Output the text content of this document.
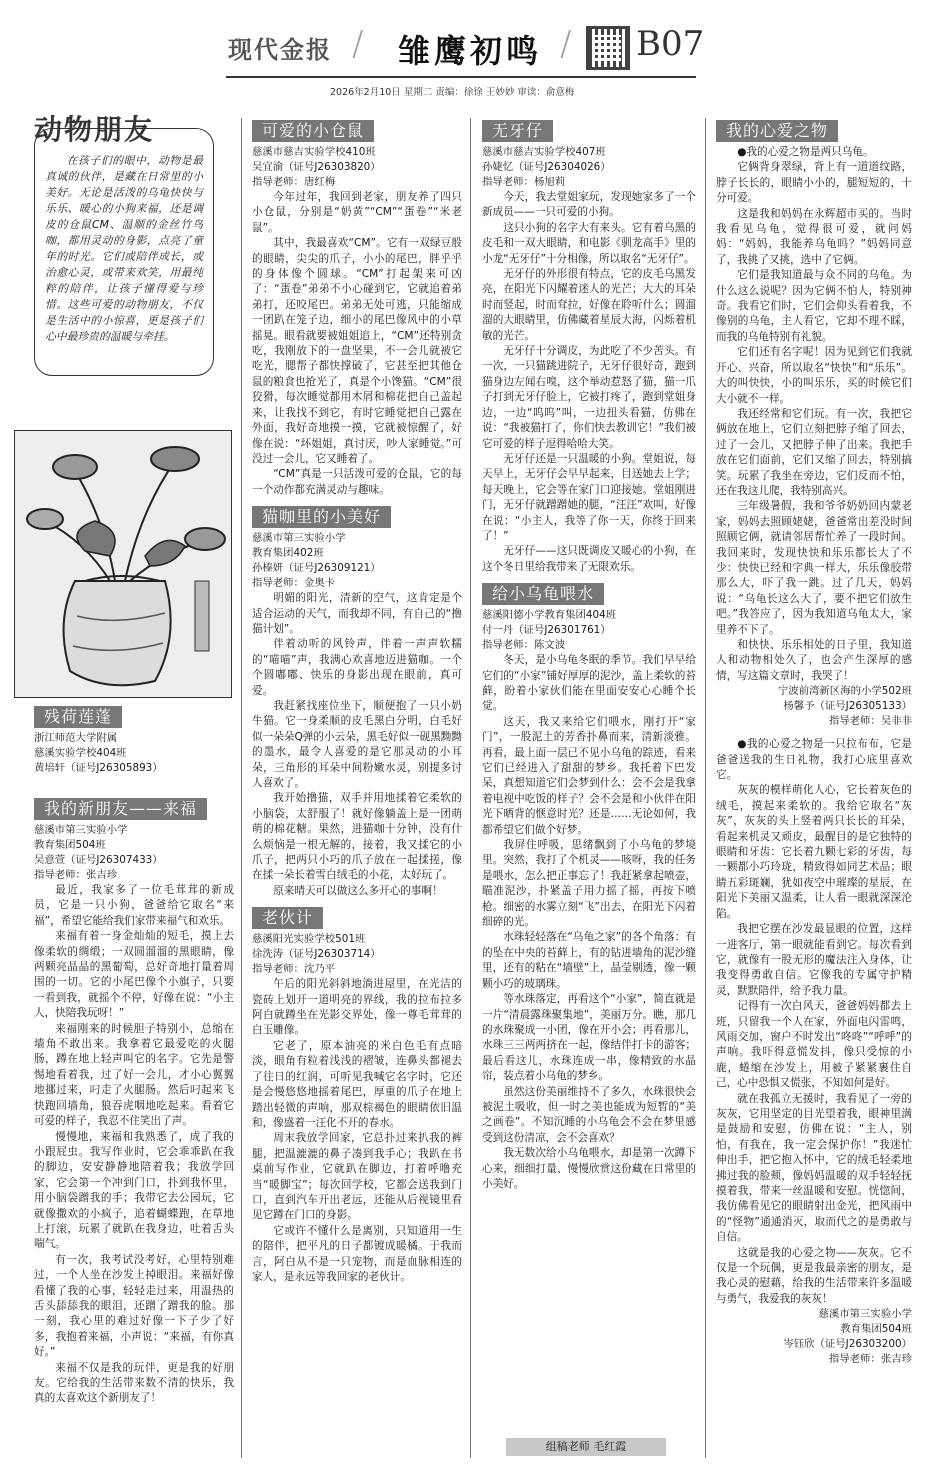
现代金报 / 雏鹰初鸣 / B07
2026年2月10日 星期二 责编：徐徐 王妙妙 审读：俞意梅
动物朋友
在孩子们的眼中，动物是最真诚的伙伴，是藏在日常里的小美好。无论是活泼的乌龟快快与乐乐、暖心的小狗来福，还是调皮的仓鼠CM、温顺的金丝竹鸟咖，都用灵动的身影，点亮了童年的时光。它们或陪伴成长，或治愈心灵，或带来欢笑，用最纯粹的陪伴，让孩子懂得爱与珍惜。这些可爱的动物朋友，不仅是生活中的小惊喜，更是孩子们心中最珍贵的温暖与牵挂。
残荷莲蓬

浙江师范大学附属

慈溪实验学校404班

黄培轩（证号J26305893）

我的新朋友——来福

慈溪市第三实验小学

教育集团504班

吴意萱（证号J26307433）

指导老师：张吉珍

最近，我家多了一位毛茸茸的新成员，它是一只小狗，爸爸给它取名“来福”，希望它能给我们家带来福气和欢乐。

来福有着一身金灿灿的短毛，摸上去像柔软的绸缎；一双圆溜溜的黑眼睛，像两颗亮晶晶的黑葡萄，总好奇地打量着周围的一切。它的小尾巴像个小旗子，只要一看到我，就摇个不停，好像在说：“小主人，快陪我玩呀！”

来福刚来的时候胆子特别小，总缩在墙角不敢出来。我拿着它最爱吃的火腿肠，蹲在地上轻声叫它的名字。它先是警惕地看着我，过了好一会儿，才小心翼翼地挪过来，叼走了火腿肠。然后叼起来飞快跑回墙角，狼吞虎咽地吃起来。看着它可爱的样子，我忍不住笑出了声。

慢慢地，来福和我熟悉了，成了我的小跟屁虫。我写作业时，它会乖乖趴在我的脚边，安安静静地陪着我；我放学回家，它会第一个冲到门口，扑到我怀里，用小脑袋蹭我的手；我带它去公园玩，它就像撒欢的小疯子，追着蝴蝶跑，在草地上打滚，玩累了就趴在我身边，吐着舌头喘气。

有一次，我考试没考好，心里特别难过，一个人坐在沙发上掉眼泪。来福好像看懂了我的心事，轻轻走过来，用温热的舌头舔舔我的眼泪，还蹭了蹭我的脸。那一刻，我心里的难过好像一下子少了好多，我抱着来福，小声说：“来福，有你真好。”

来福不仅是我的玩伴，更是我的好朋友。它给我的生活带来数不清的快乐，我真的太喜欢这个新朋友了！

可爱的小仓鼠

慈溪市慈吉实验学校410班

吴宜渝（证号J26303820）

指导老师：唐红梅

今年过年，我回到老家，朋友养了四只小仓鼠，分别是“奶黄”“CM”“蛋卷”“米老鼠”。

其中，我最喜欢“CM”。它有一双绿豆般的眼睛，尖尖的爪子，小小的尾巴，胖乎乎的身体像个圆球。“CM”打起架来可凶了：“蛋卷”弟弟不小心碰到它，它就追着弟弟打，还咬尾巴。弟弟无处可逃，只能缩成一团趴在笼子边，细小的尾巴像风中的小草摇晃。眼看就要被姐姐追上，“CM”还特别贪吃，我刚放下的一盘坚果，不一会儿就被它吃光，腮帮子都快撑破了，它甚至把其他仓鼠的粮食也抢光了，真是个小馋猫。“CM”很狡猾，每次睡觉都用木屑和棉花把自己盖起来，让我找不到它，有时它睡觉把自己露在外面，我好奇地摸一摸，它就被惊醒了，好像在说：“坏姐姐，真讨厌，吵人家睡觉。”可没过一会儿，它又睡着了。

“CM”真是一只活泼可爱的仓鼠，它的每一个动作都充满灵动与趣味。

猫咖里的小美好

慈溪市第三实验小学

教育集团402班

孙榛妍（证号J26309121）

指导老师：金奥卡

明媚的阳光，清新的空气，这肯定是个适合运动的天气，而我却不同，有自己的“撸猫计划”。

伴着动听的风铃声，伴着一声声软糯的“喵喵”声，我满心欢喜地迈进猫咖。一个个圆嘟嘟、快乐的身影出现在眼前，真可爱。

我赶紧找座位坐下，顺便抱了一只小奶牛猫。它一身柔顺的皮毛黑白分明，白毛好似一朵朵Q弹的小云朵，黑毛好似一砚黑黝黝的墨水，最令人喜爱的是它那灵动的小耳朵，三角形的耳朵中间粉嫩水灵，别提多讨人喜欢了。

我开始撸猫，双手并用地揉着它柔软的小脑袋，太舒服了！就好像躺盖上是一团萌萌的棉花糖。果然，进猫咖十分钟，没有什么烦恼是一根无解的，接着，我又揉它的小爪子，把两只小巧的爪子放在一起揉搓，像在揉一朵长着雪白绒毛的小花，太好玩了。

原来晴天可以做这么多开心的事啊！

老伙计

慈溪阳光实验学校501班

徐洗涛（证号J26303714）

指导老师：沈乃平

午后的阳光斜斜地淌进屋里，在光洁的瓷砖上划开一道明亮的界线，我的拉布拉多阿白就蹲坐在光影交界处，像一尊毛茸茸的白玉雕像。

它老了，原本油亮的米白色毛有点暗淡，眼角有粒着浅浅的褶皱，连鼻头都褪去了往日的红润，可听见我喊它名字时，它还是会慢悠悠地摇着尾巴，厚重的爪子在地上踏出轻微的声响，那双棕褐色的眼睛依旧温和，像盛着一汪化不开的春水。

周末我放学回家，它总扑过来扒我的裤腿，把温漉漉的鼻子凑到我手心；我趴在书桌前写作业，它就趴在脚边，打着呼噜充当“暖脚宝”；每次回学校，它都会送我到门口，直到汽车开出老远，还能从后视镜里看见它蹲在门口的身影。

它或许不懂什么是离别，只知道用一生的陪伴，把平凡的日子都镀成暖橘。于我而言，阿白从不是一只宠物，而是血脉相连的家人，是永远等我回家的老伙计。

无牙仔

慈溪市慈吉实验学校407班

孙婕忆（证号J26304026）

指导老师：杨旭莉

今天，我去堂姐家玩，发现她家多了一个新成员——一只可爱的小狗。

这只小狗的名字大有来头。它有着乌黑的皮毛和一双大眼睛，和电影《驯龙高手》里的小龙“无牙仔”十分相像，所以取名“无牙仔”。

无牙仔的外形很有特点，它的皮毛乌黑发亮，在阳光下闪耀着迷人的光芒；大大的耳朵时而竖起，时而耷拉，好像在聆听什么；圆溜溜的大眼睛里，仿佛藏着星辰大海，闪烁着机敏的光芒。

无牙仔十分调皮，为此吃了不少苦头。有一次，一只猫跳进院子，无牙仔很好奇，跑到猫身边左闻右嗅，这个举动惹怒了猫，猫一爪子打到无牙仔脸上，它被打疼了，跑到堂姐身边，一边“呜呜”叫，一边扭头看猫，仿佛在说：“我被猫打了，你们快去教训它！”我们被它可爱的样子逗得哈哈大笑。

无牙仔还是一只温暖的小狗。堂姐说，每天早上，无牙仔会早早起来，目送她去上学；每天晚上，它会等在家门口迎接她。堂姐刚进门，无牙仔就蹭蹭她的腿，“汪汪”欢叫，好像在说：“小主人，我等了你一天，你终于回来了！”

无牙仔——这只既调皮又暖心的小狗，在这个冬日里给我带来了无限欢乐。

给小乌龟喂水

慈溪阳德小学教育集团404班

付一丹（证号J26301761）

指导老师：陈文波

冬天，是小乌龟冬眠的季节。我们早早给它们的“小家”铺好厚厚的泥沙，盖上柔软的苔藓，盼着小家伙们能在里面安安心心睡个长觉。

这天，我又来给它们喂水，刚打开“家门”，一股泥土的芳香扑鼻而来，清新淡雅。再看，最上面一层已不见小乌龟的踪迹，看来它们已经进入了甜甜的梦乡。我托着下巴发呆，真想知道它们会梦到什么：会不会是我拿着电视中吃饭的样子？会不会是和小伙伴在阳光下晒背的惬意时光？还是……无论如何，我都希望它们做个好梦。

我屏住呼吸，思绪飘到了小乌龟的梦境里。突然，我打了个机灵——咳呀，我的任务是喂水，怎么把正事忘了！我赶紧拿起喷壶，瞄准泥沙，扑紧盖子用力摇了摇，再按下喷枪。细密的水雾立刻“飞”出去，在阳光下闪着细碎的光。

水珠轻轻落在“乌龟之家”的各个角落：有的坠在中央的苔藓上，有的钻进墙角的泥沙缝里，还有的粘在“墙壁”上，晶莹剔透，像一颗颗小巧的玻璃珠。

等水珠落定，再看这个“小家”，简直就是一片“清晨露珠聚集地”，美丽万分。瞧，那几的水珠聚成一小团，像在开小会；再看那儿，水珠三三两两挤在一起，像结伴打卡的游客；最后看这儿，水珠连成一串，像精致的水晶帘，装点着小乌龟的梦乡。

虽然这份美丽维持不了多久，水珠很快会被泥土吸收，但一时之美也能成为短暂的“美之画卷”。不知沉睡的小乌龟会不会在梦里感受到这份清凉，会不会喜欢？

我无数次给小乌龟喂水，却是第一次蹲下心来，细细打量、慢慢欣赏这份藏在日常里的小美好。

我的心爱之物

●我的心爱之物是两只乌龟。

它俩背身翠绿，背上有一道道纹路，脖子长长的，眼睛小小的，腿短短的，十分可爱。

这是我和妈妈在永辉超市买的。当时我看见乌龟，觉得很可爱，就问妈妈：“妈妈，我能养乌龟吗？”妈妈同意了，我挑了又挑，选中了它俩。

它们是我知道最与众不同的乌龟。为什么这么说呢？因为它俩不怕人，特别神奇。我看它们时，它们会仰头看着我，不像别的乌龟，主人看它，它却不理不睬，而我的乌龟特别有礼貌。

它们还有名字呢！因为见到它们我就开心、兴奋，所以取名“快快”和“乐乐”。大的叫快快，小的叫乐乐，买的时候它们大小就不一样。

我还经常和它们玩。有一次，我把它俩放在地上，它们立刻把脖子缩了回去，过了一会儿，又把脖子伸了出来。我把手放在它们面前，它们又缩了回去，特别搞笑。玩累了我坐在旁边，它们反而不怕，还在我这儿爬，我特别高兴。

三年级暑假，我和爷爷奶奶回内蒙老家，妈妈去照顾姥姥，爸爸常出差没时间照顾它俩，就请邻居帮忙养了一段时间。我回来时，发现快快和乐乐都长大了不少：快快已经和字典一样大，乐乐像胶带那么大，吓了我一跳。过了几天，妈妈说：“乌龟长这么大了，要不把它们放生吧。”我答应了，因为我知道乌龟太大，家里养不下了。

和快快、乐乐相处的日子里，我知道人和动物相处久了，也会产生深厚的感情，写这篇文章时，我哭了！

宁波前湾新区海的小学502班

杨馨予（证号J26305133）

指导老师：吴非非

●我的心爱之物是一只拉布布，它是爸爸送我的生日礼物，我打心底里喜欢它。

灰灰的模样萌化人心，它长着灰色的绒毛，摸起来柔软的。我给它取名“灰灰”，灰灰的头上竖着两只长长的耳朵，看起来机灵又顽皮，最醒目的是它独特的眼睛和牙齿：它长着九颗七彩的牙齿，每一颗都小巧玲珑，精致得如同艺术品；眼睛五彩斑斓，犹如夜空中璀璨的星辰，在阳光下美丽又温柔，让人看一眼就深深沦陷。

我把它摆在沙发最显眼的位置，这样一进客厅，第一眼就能看到它。每次看到它，就像有一股无形的魔法注入身体，让我变得勇敢自信。它像我的专属守护精灵，默默陪伴，给予我力量。

记得有一次白风天，爸爸妈妈都去上班，只留我一个人在家，外面电闪雷鸣，风雨交加，窗户不时发出“咚咚”“呼呼”的声响。我吓得意慌发抖，像只受惊的小鹿，蜷缩在沙发上，用被子紧紧裹住自己，心中恐惧又慌张，不知如何是好。

就在我孤立无援时，我看见了一旁的灰灰，它用坚定的目光望着我，眼神里满是鼓励和安慰，仿佛在说：“主人，别怕，有我在，我一定会保护你！”我迷忙伸出手，把它抱入怀中，它的绒毛轻柔地拂过我的脸颊，像妈妈温暖的双手轻轻抚摸着我，带来一丝温暖和安慰。恍惚间，我仿佛看见它的眼睛射出金光，把风雨中的“怪物”通通消灭，取而代之的是勇敢与自信。

这就是我的心爱之物——灰灰。它不仅是一个玩偶，更是我最亲密的朋友，是我心灵的慰藉，给我的生活带来许多温暖与勇气，我爱我的灰灰！

慈溪市第三实验小学

教育集团504班

岑钰欣（证号J26303200）

指导老师：张吉珍

组稿老师 毛红霞
